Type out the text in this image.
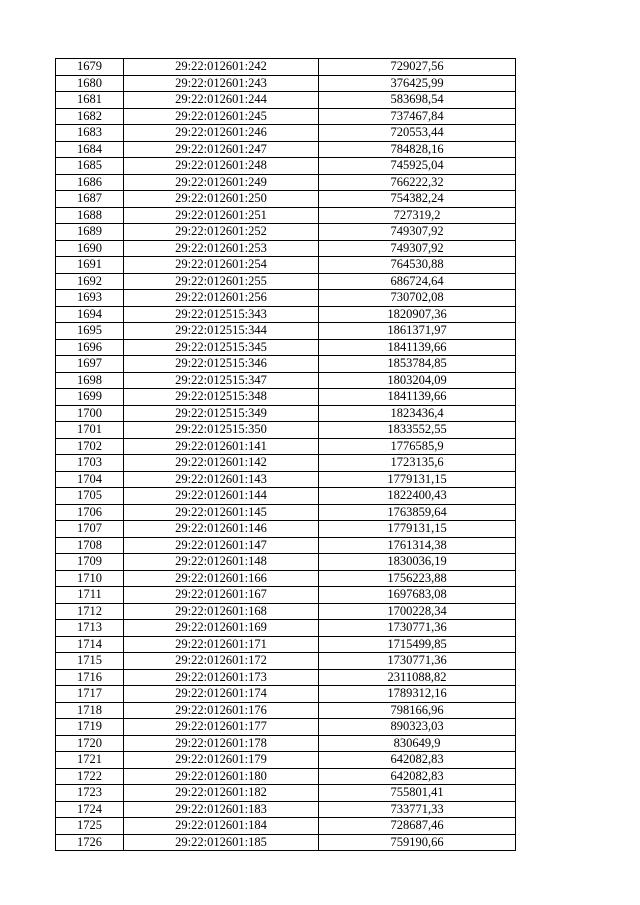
1679	29:22:012601:242	729027,56
1680	29:22:012601:243	376425,99
1681	29:22:012601:244	583698,54
1682	29:22:012601:245	737467,84
1683	29:22:012601:246	720553,44
1684	29:22:012601:247	784828,16
1685	29:22:012601:248	745925,04
1686	29:22:012601:249	766222,32
1687	29:22:012601:250	754382,24
1688	29:22:012601:251	727319,2
1689	29:22:012601:252	749307,92
1690	29:22:012601:253	749307,92
1691	29:22:012601:254	764530,88
1692	29:22:012601:255	686724,64
1693	29:22:012601:256	730702,08
1694	29:22:012515:343	1820907,36
1695	29:22:012515:344	1861371,97
1696	29:22:012515:345	1841139,66
1697	29:22:012515:346	1853784,85
1698	29:22:012515:347	1803204,09
1699	29:22:012515:348	1841139,66
1700	29:22:012515:349	1823436,4
1701	29:22:012515:350	1833552,55
1702	29:22:012601:141	1776585,9
1703	29:22:012601:142	1723135,6
1704	29:22:012601:143	1779131,15
1705	29:22:012601:144	1822400,43
1706	29:22:012601:145	1763859,64
1707	29:22:012601:146	1779131,15
1708	29:22:012601:147	1761314,38
1709	29:22:012601:148	1830036,19
1710	29:22:012601:166	1756223,88
1711	29:22:012601:167	1697683,08
1712	29:22:012601:168	1700228,34
1713	29:22:012601:169	1730771,36
1714	29:22:012601:171	1715499,85
1715	29:22:012601:172	1730771,36
1716	29:22:012601:173	2311088,82
1717	29:22:012601:174	1789312,16
1718	29:22:012601:176	798166,96
1719	29:22:012601:177	890323,03
1720	29:22:012601:178	830649,9
1721	29:22:012601:179	642082,83
1722	29:22:012601:180	642082,83
1723	29:22:012601:182	755801,41
1724	29:22:012601:183	733771,33
1725	29:22:012601:184	728687,46
1726	29:22:012601:185	759190,66
